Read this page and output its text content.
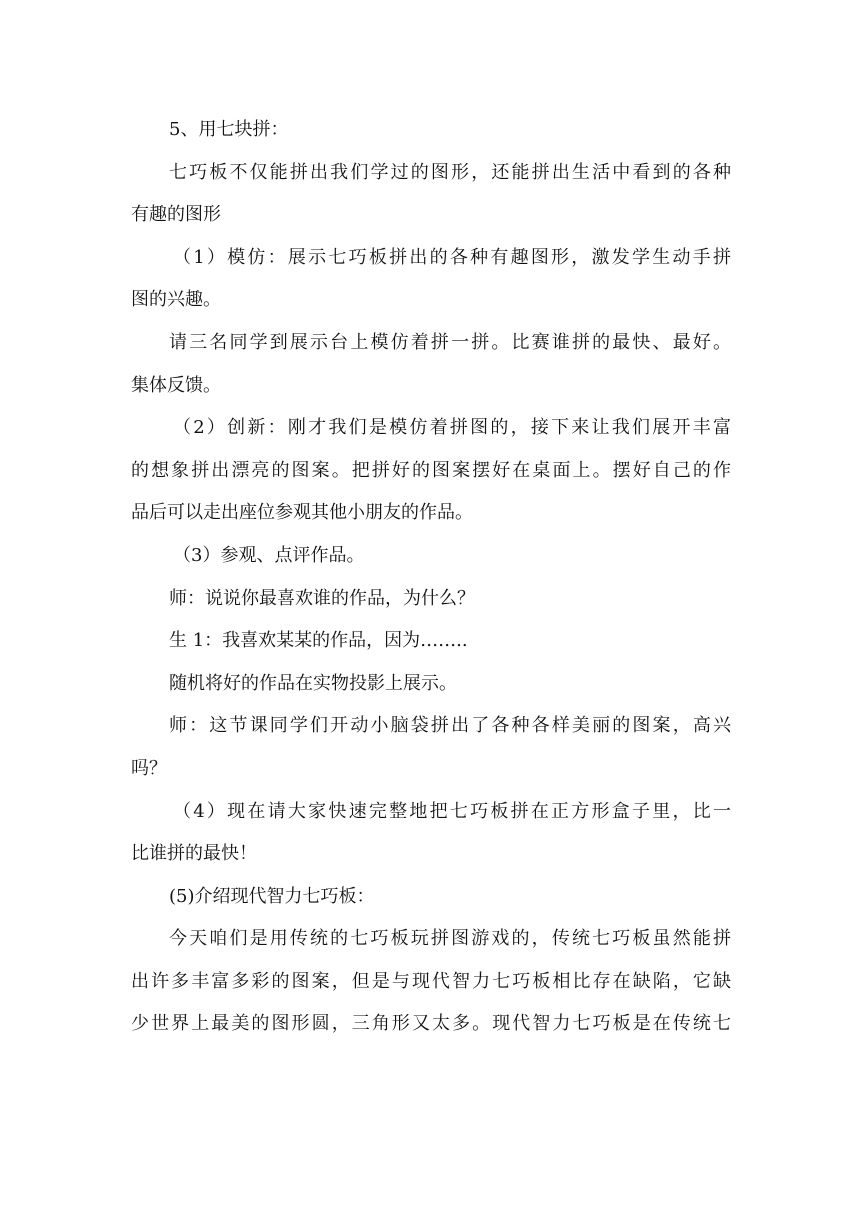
5、用七块拼：
七巧板不仅能拼出我们学过的图形，还能拼出生活中看到的各种
有趣的图形
（1）模仿：展示七巧板拼出的各种有趣图形，激发学生动手拼
图的兴趣。
请三名同学到展示台上模仿着拼一拼。比赛谁拼的最快、最好。
集体反馈。
（2）创新：刚才我们是模仿着拼图的，接下来让我们展开丰富
的想象拼出漂亮的图案。把拼好的图案摆好在桌面上。摆好自己的作
品后可以走出座位参观其他小朋友的作品。
（3）参观、点评作品。
师：说说你最喜欢谁的作品，为什么？
生 1：我喜欢某某的作品，因为……..
随机将好的作品在实物投影上展示。
师：这节课同学们开动小脑袋拼出了各种各样美丽的图案，高兴
吗？
（4）现在请大家快速完整地把七巧板拼在正方形盒子里，比一
比谁拼的最快！
(5)介绍现代智力七巧板：
今天咱们是用传统的七巧板玩拼图游戏的，传统七巧板虽然能拼
出许多丰富多彩的图案，但是与现代智力七巧板相比存在缺陷，它缺
少世界上最美的图形圆，三角形又太多。现代智力七巧板是在传统七
